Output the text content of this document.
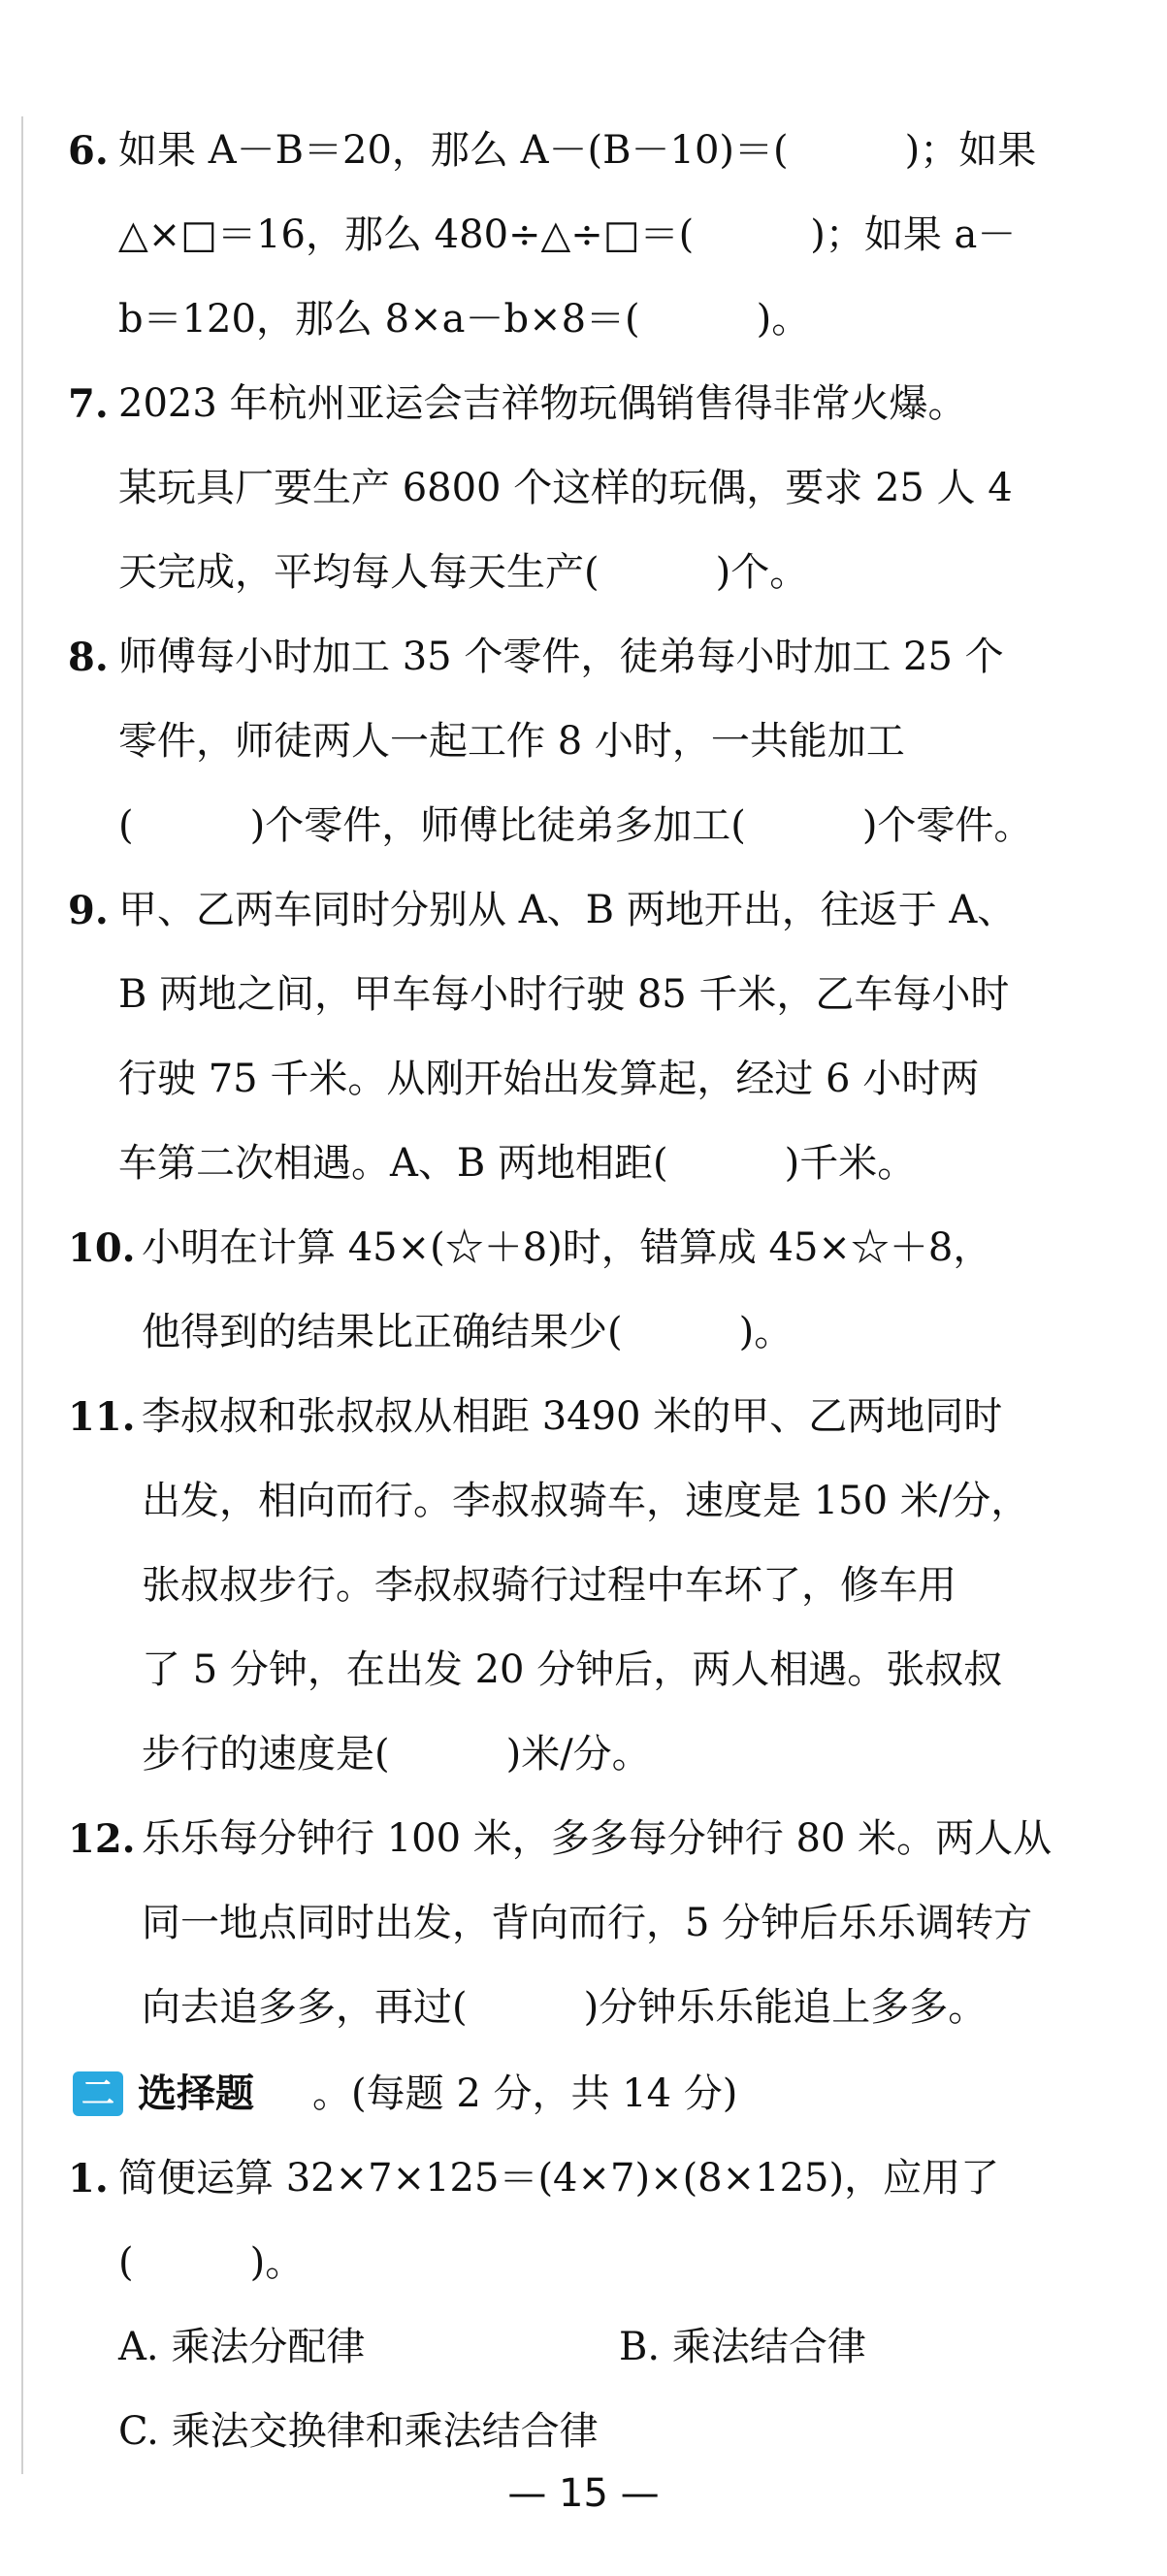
6. 如果 A－B＝20，那么 A－(B－10)＝(　　　)；如果
△×□＝16，那么 480÷△÷□＝(　　　)；如果 a－
b＝120，那么 8×a－b×8＝(　　　)。
7. 2023 年杭州亚运会吉祥物玩偶销售得非常火爆。
某玩具厂要生产 6800 个这样的玩偶，要求 25 人 4
天完成，平均每人每天生产(　　　)个。
8. 师傅每小时加工 35 个零件，徒弟每小时加工 25 个
零件，师徒两人一起工作 8 小时，一共能加工
(　　　)个零件，师傅比徒弟多加工(　　　)个零件。
9. 甲、乙两车同时分别从 A、B 两地开出，往返于 A、
B 两地之间，甲车每小时行驶 85 千米，乙车每小时
行驶 75 千米。从刚开始出发算起，经过 6 小时两
车第二次相遇。A、B 两地相距(　　　)千米。
10. 小明在计算 45×(☆＋8)时，错算成 45×☆＋8，
他得到的结果比正确结果少(　　　)。
11. 李叔叔和张叔叔从相距 3490 米的甲、乙两地同时
出发，相向而行。李叔叔骑车，速度是 150 米/分，
张叔叔步行。李叔叔骑行过程中车坏了，修车用
了 5 分钟，在出发 20 分钟后，两人相遇。张叔叔
步行的速度是(　　　)米/分。
12. 乐乐每分钟行 100 米，多多每分钟行 80 米。两人从
同一地点同时出发，背向而行，5 分钟后乐乐调转方
向去追多多，再过(　　　)分钟乐乐能追上多多。
二 选择题 。(每题 2 分，共 14 分)
1. 简便运算 32×7×125＝(4×7)×(8×125)，应用了
(　　　)。
A. 乘法分配律	B. 乘法结合律
C. 乘法交换律和乘法结合律
— 15 —
